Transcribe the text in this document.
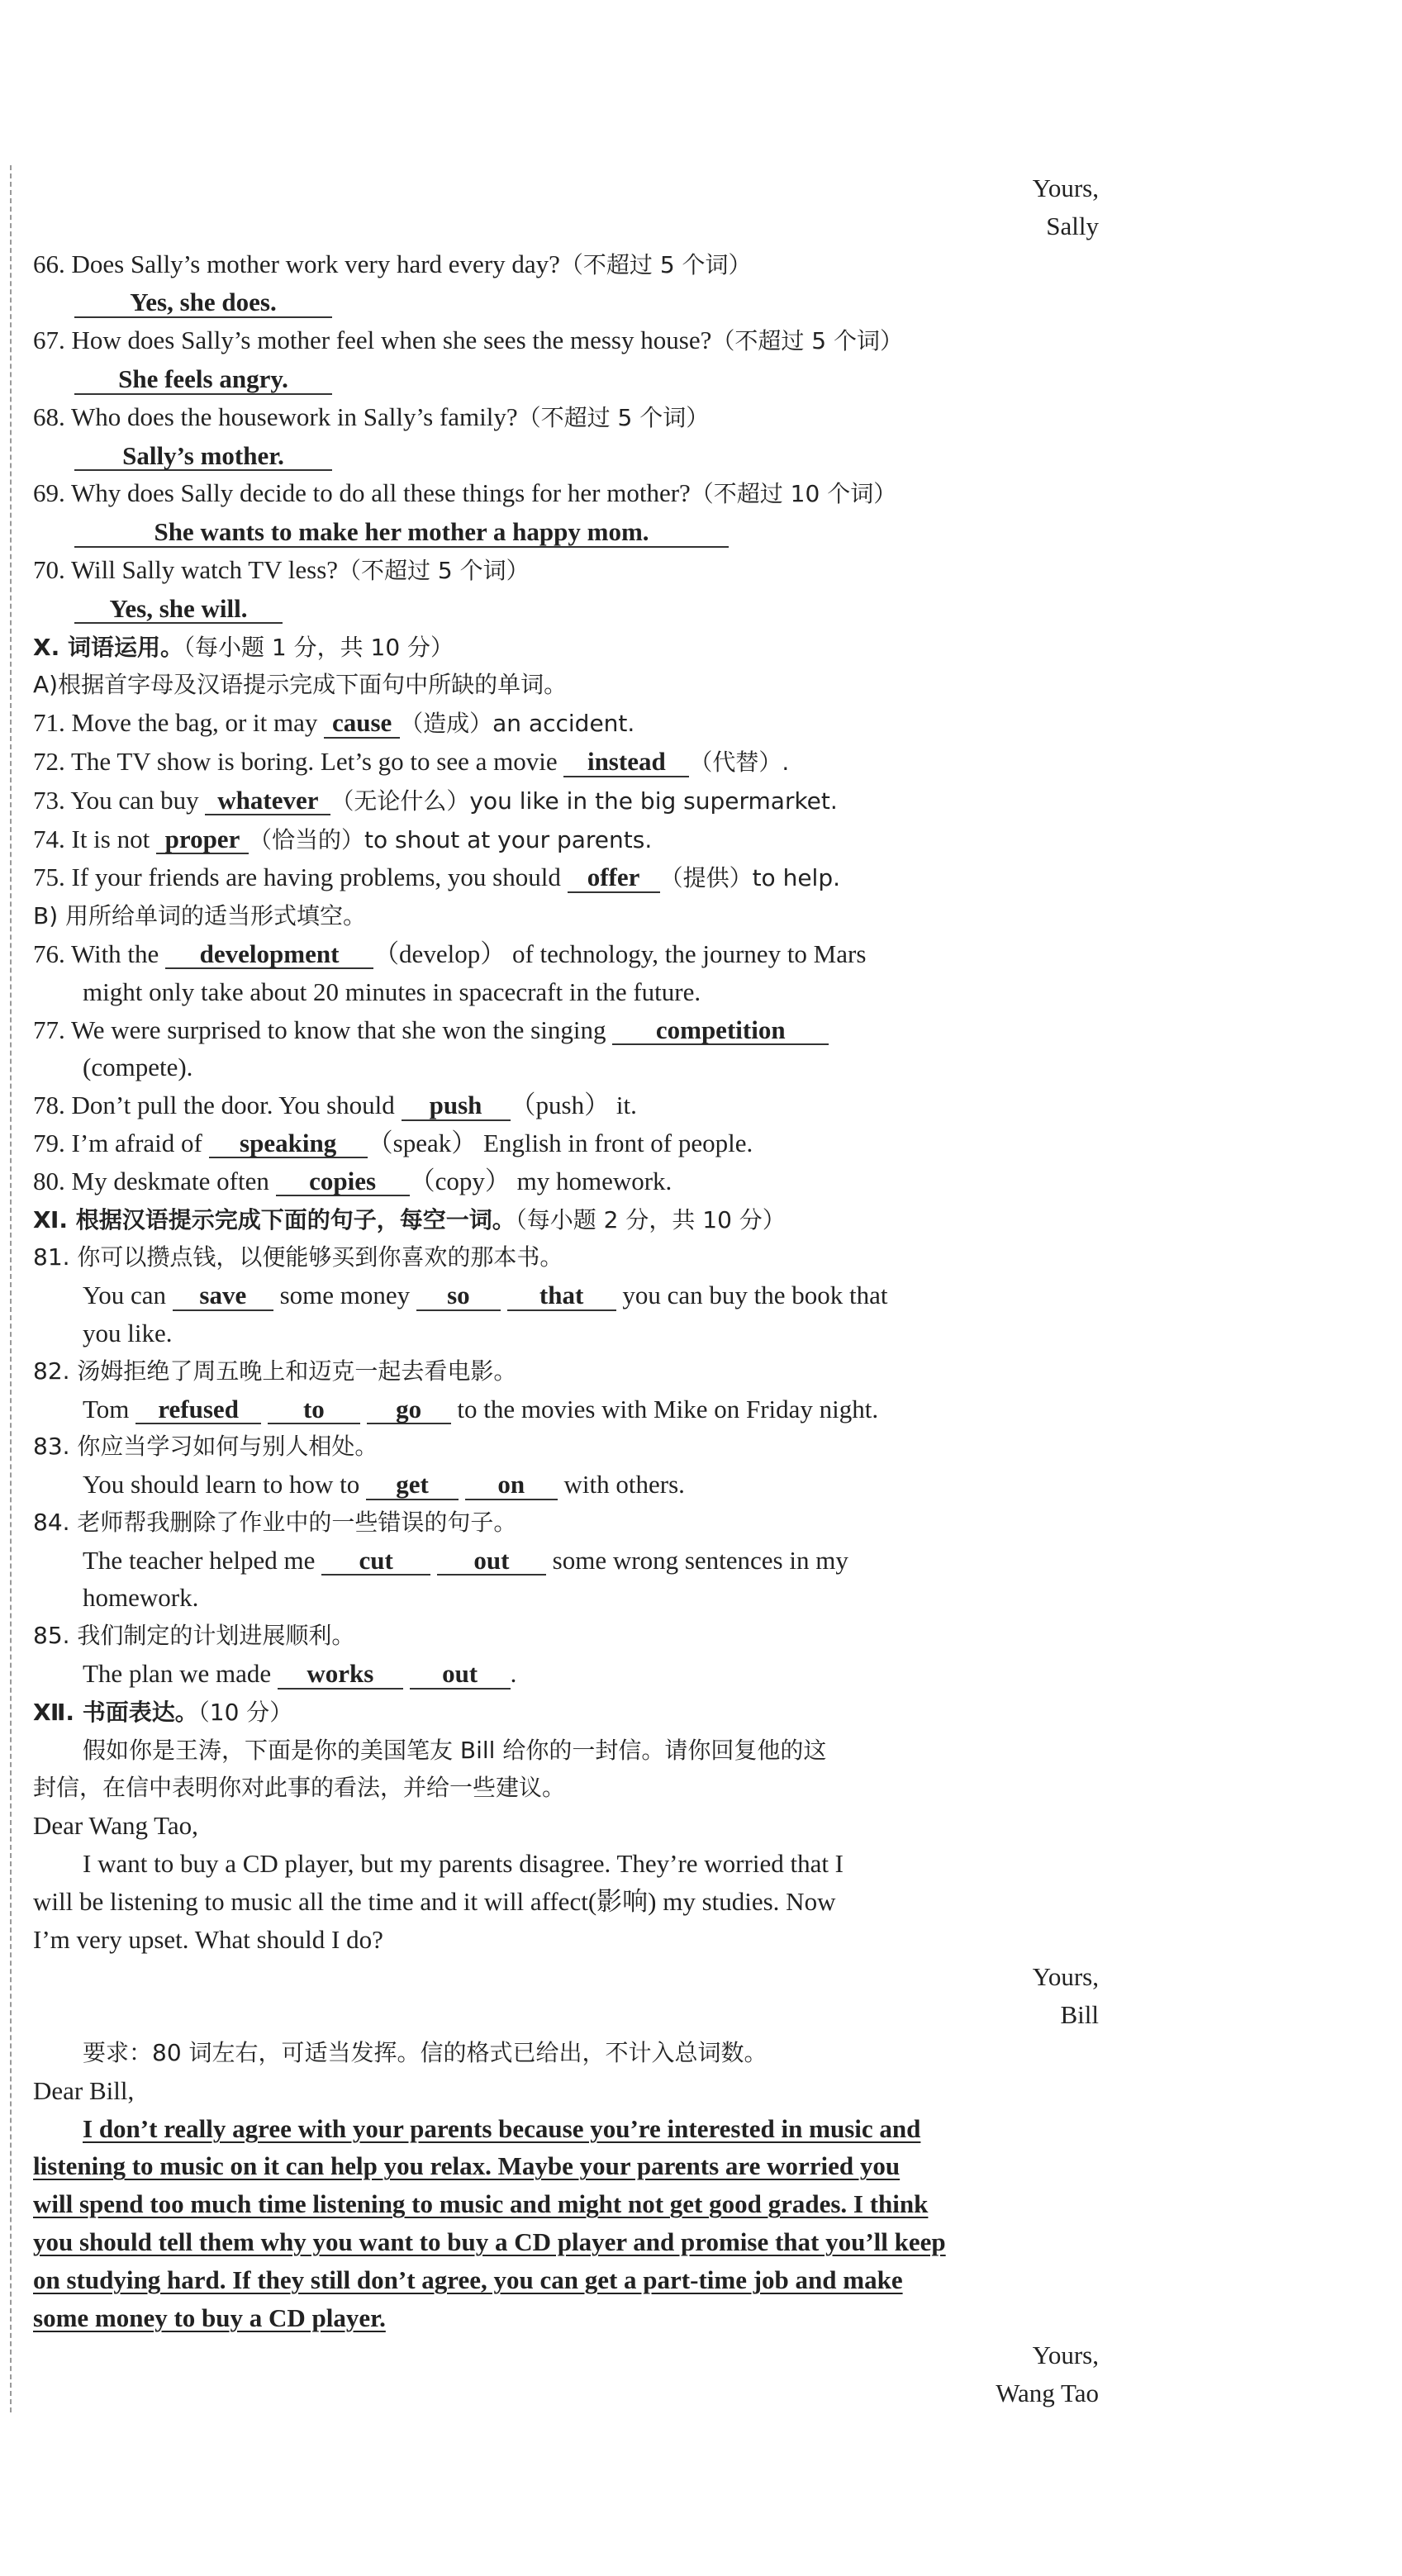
Yours,
Sally
66. Does Sally’s mother work very hard every day?（不超过 5 个词）
Yes, she does.
67. How does Sally’s mother feel when she sees the messy house?（不超过 5 个词）
She feels angry.
68. Who does the housework in Sally’s family?（不超过 5 个词）
Sally’s mother.
69. Why does Sally decide to do all these things for her mother?（不超过 10 个词）
She wants to make her mother a happy mom.
70. Will Sally watch TV less?（不超过 5 个词）
Yes, she will.
Ⅹ. 词语运用。（每小题 1 分，共 10 分）
A)根据首字母及汉语提示完成下面句中所缺的单词。
71. Move the bag, or it may cause （造成）an accident.
72. The TV show is boring. Let’s go to see a movie instead （代替）.
73. You can buy whatever （无论什么）you like in the big supermarket.
74. It is not proper （恰当的）to shout at your parents.
75. If your friends are having problems, you should offer （提供）to help.
B) 用所给单词的适当形式填空。
76. With the development （develop） of technology, the journey to Mars
might only take about 20 minutes in spacecraft in the future.
77. We were surprised to know that she won the singing competition
(compete).
78. Don’t pull the door. You should push （push） it.
79. I’m afraid of speaking （speak） English in front of people.
80. My deskmate often copies （copy） my homework.
Ⅺ. 根据汉语提示完成下面的句子，每空一词。（每小题 2 分，共 10 分）
81. 你可以攒点钱，以便能够买到你喜欢的那本书。
You can save some money so	that you can buy the book that
you like.
82. 汤姆拒绝了周五晚上和迈克一起去看电影。
Tom refused	to	go to the movies with Mike on Friday night.
83. 你应当学习如何与别人相处。
You should learn to how to get	on with others.
84. 老师帮我删除了作业中的一些错误的句子。
The teacher helped me cut	out some wrong sentences in my
homework.
85. 我们制定的计划进展顺利。
The plan we made works	out .
Ⅻ. 书面表达。（10 分）
假如你是王涛，下面是你的美国笔友 Bill 给你的一封信。请你回复他的这
封信，在信中表明你对此事的看法，并给一些建议。
Dear Wang Tao,
I want to buy a CD player, but my parents disagree. They’re worried that I
will be listening to music all the time and it will affect(影响) my studies. Now
I’m very upset. What should I do?
Yours,
Bill
要求：80 词左右，可适当发挥。信的格式已给出，不计入总词数。
Dear Bill,
I don’t really agree with your parents because you’re interested in music and
listening to music on it can help you relax. Maybe your parents are worried you
will spend too much time listening to music and might not get good grades. I think
you should tell them why you want to buy a CD player and promise that you’ll keep
on studying hard. If they still don’t agree, you can get a part-time job and make
some money to buy a CD player.
Yours,
Wang Tao
